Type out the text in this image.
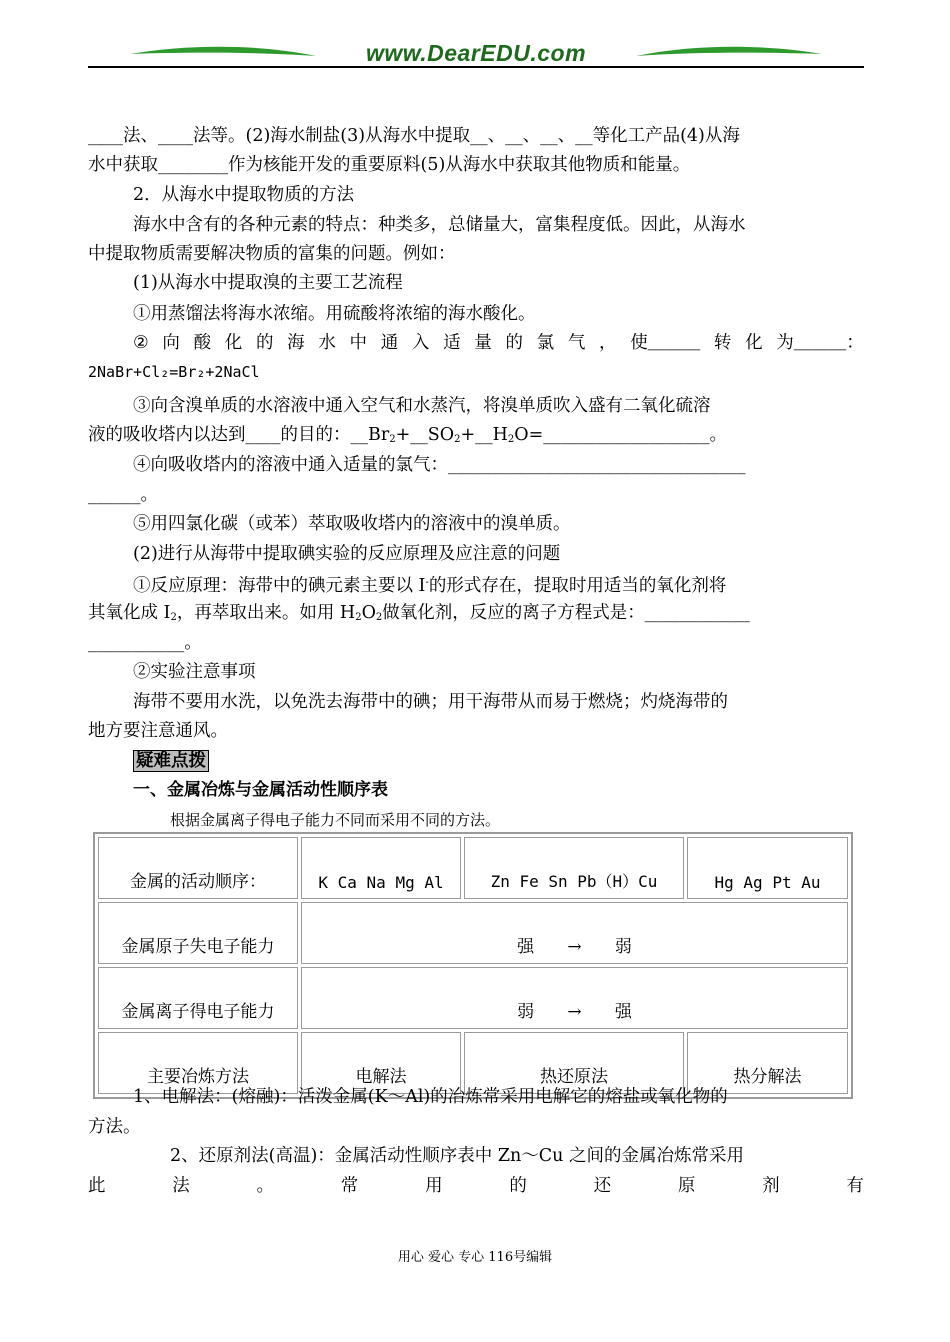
www.DearEDU.com
____法、____法等。(2)海水制盐(3)从海水中提取__、__、__、__等化工产品(4)从海
水中获取________作为核能开发的重要原料(5)从海水中获取其他物质和能量。
2．从海水中提取物质的方法
海水中含有的各种元素的特点：种类多，总储量大，富集程度低。因此，从海水
中提取物质需要解决物质的富集的问题。例如：
(1)从海水中提取溴的主要工艺流程
①用蒸馏法将海水浓缩。用硫酸将浓缩的海水酸化。
② 向 酸 化 的 海 水 中 通 入 适 量 的 氯 气 ， 使＿＿＿ 转 化 为＿＿＿：
2NaBr+Cl₂=Br₂+2NaCl
③向含溴单质的水溶液中通入空气和水蒸汽，将溴单质吹入盛有二氧化硫溶
液的吸收塔内以达到____的目的：$\_\_Br_2+\_\_SO_2+\_\_H_2O=\_\_\_\_\_\_\_\_\_\_\_\_\_\_\_\_\_\_\_$。
④向吸收塔内的溶液中通入适量的氯气：__________________________________
______。
⑤用四氯化碳（或苯）萃取吸收塔内的溶液中的溴单质。
(2)进行从海带中提取碘实验的反应原理及应注意的问题
①反应原理：海带中的碘元素主要以 I-的形式存在，提取时用适当的氧化剂将
其氧化成 $I_2$，再萃取出来。如用 $H_2O_2$做氧化剂，反应的离子方程式是：____________
___________。
②实验注意事项
海带不要用水洗，以免洗去海带中的碘；用干海带从而易于燃烧；灼烧海带的
地方要注意通风。
疑难点拨
一、金属冶炼与金属活动性顺序表
根据金属离子得电子能力不同而采用不同的方法。
金属的活动顺序：	K Ca Na Mg Al	Zn Fe Sn Pb（H）Cu	Hg Ag Pt Au
金属原子失电子能力	强 → 弱		
金属离子得电子能力	弱 → 强		
主要冶炼方法	电解法	热还原法	热分解法
1、电解法：(熔融)：活泼金属(K～Al)的冶炼常采用电解它的熔盐或氧化物的
方法。
2、还原剂法(高温)：金属活动性顺序表中 Zn～Cu 之间的金属冶炼常采用
此	法	。	常	用	的	还	原	剂	有
用心 爱心 专心 116号编辑
